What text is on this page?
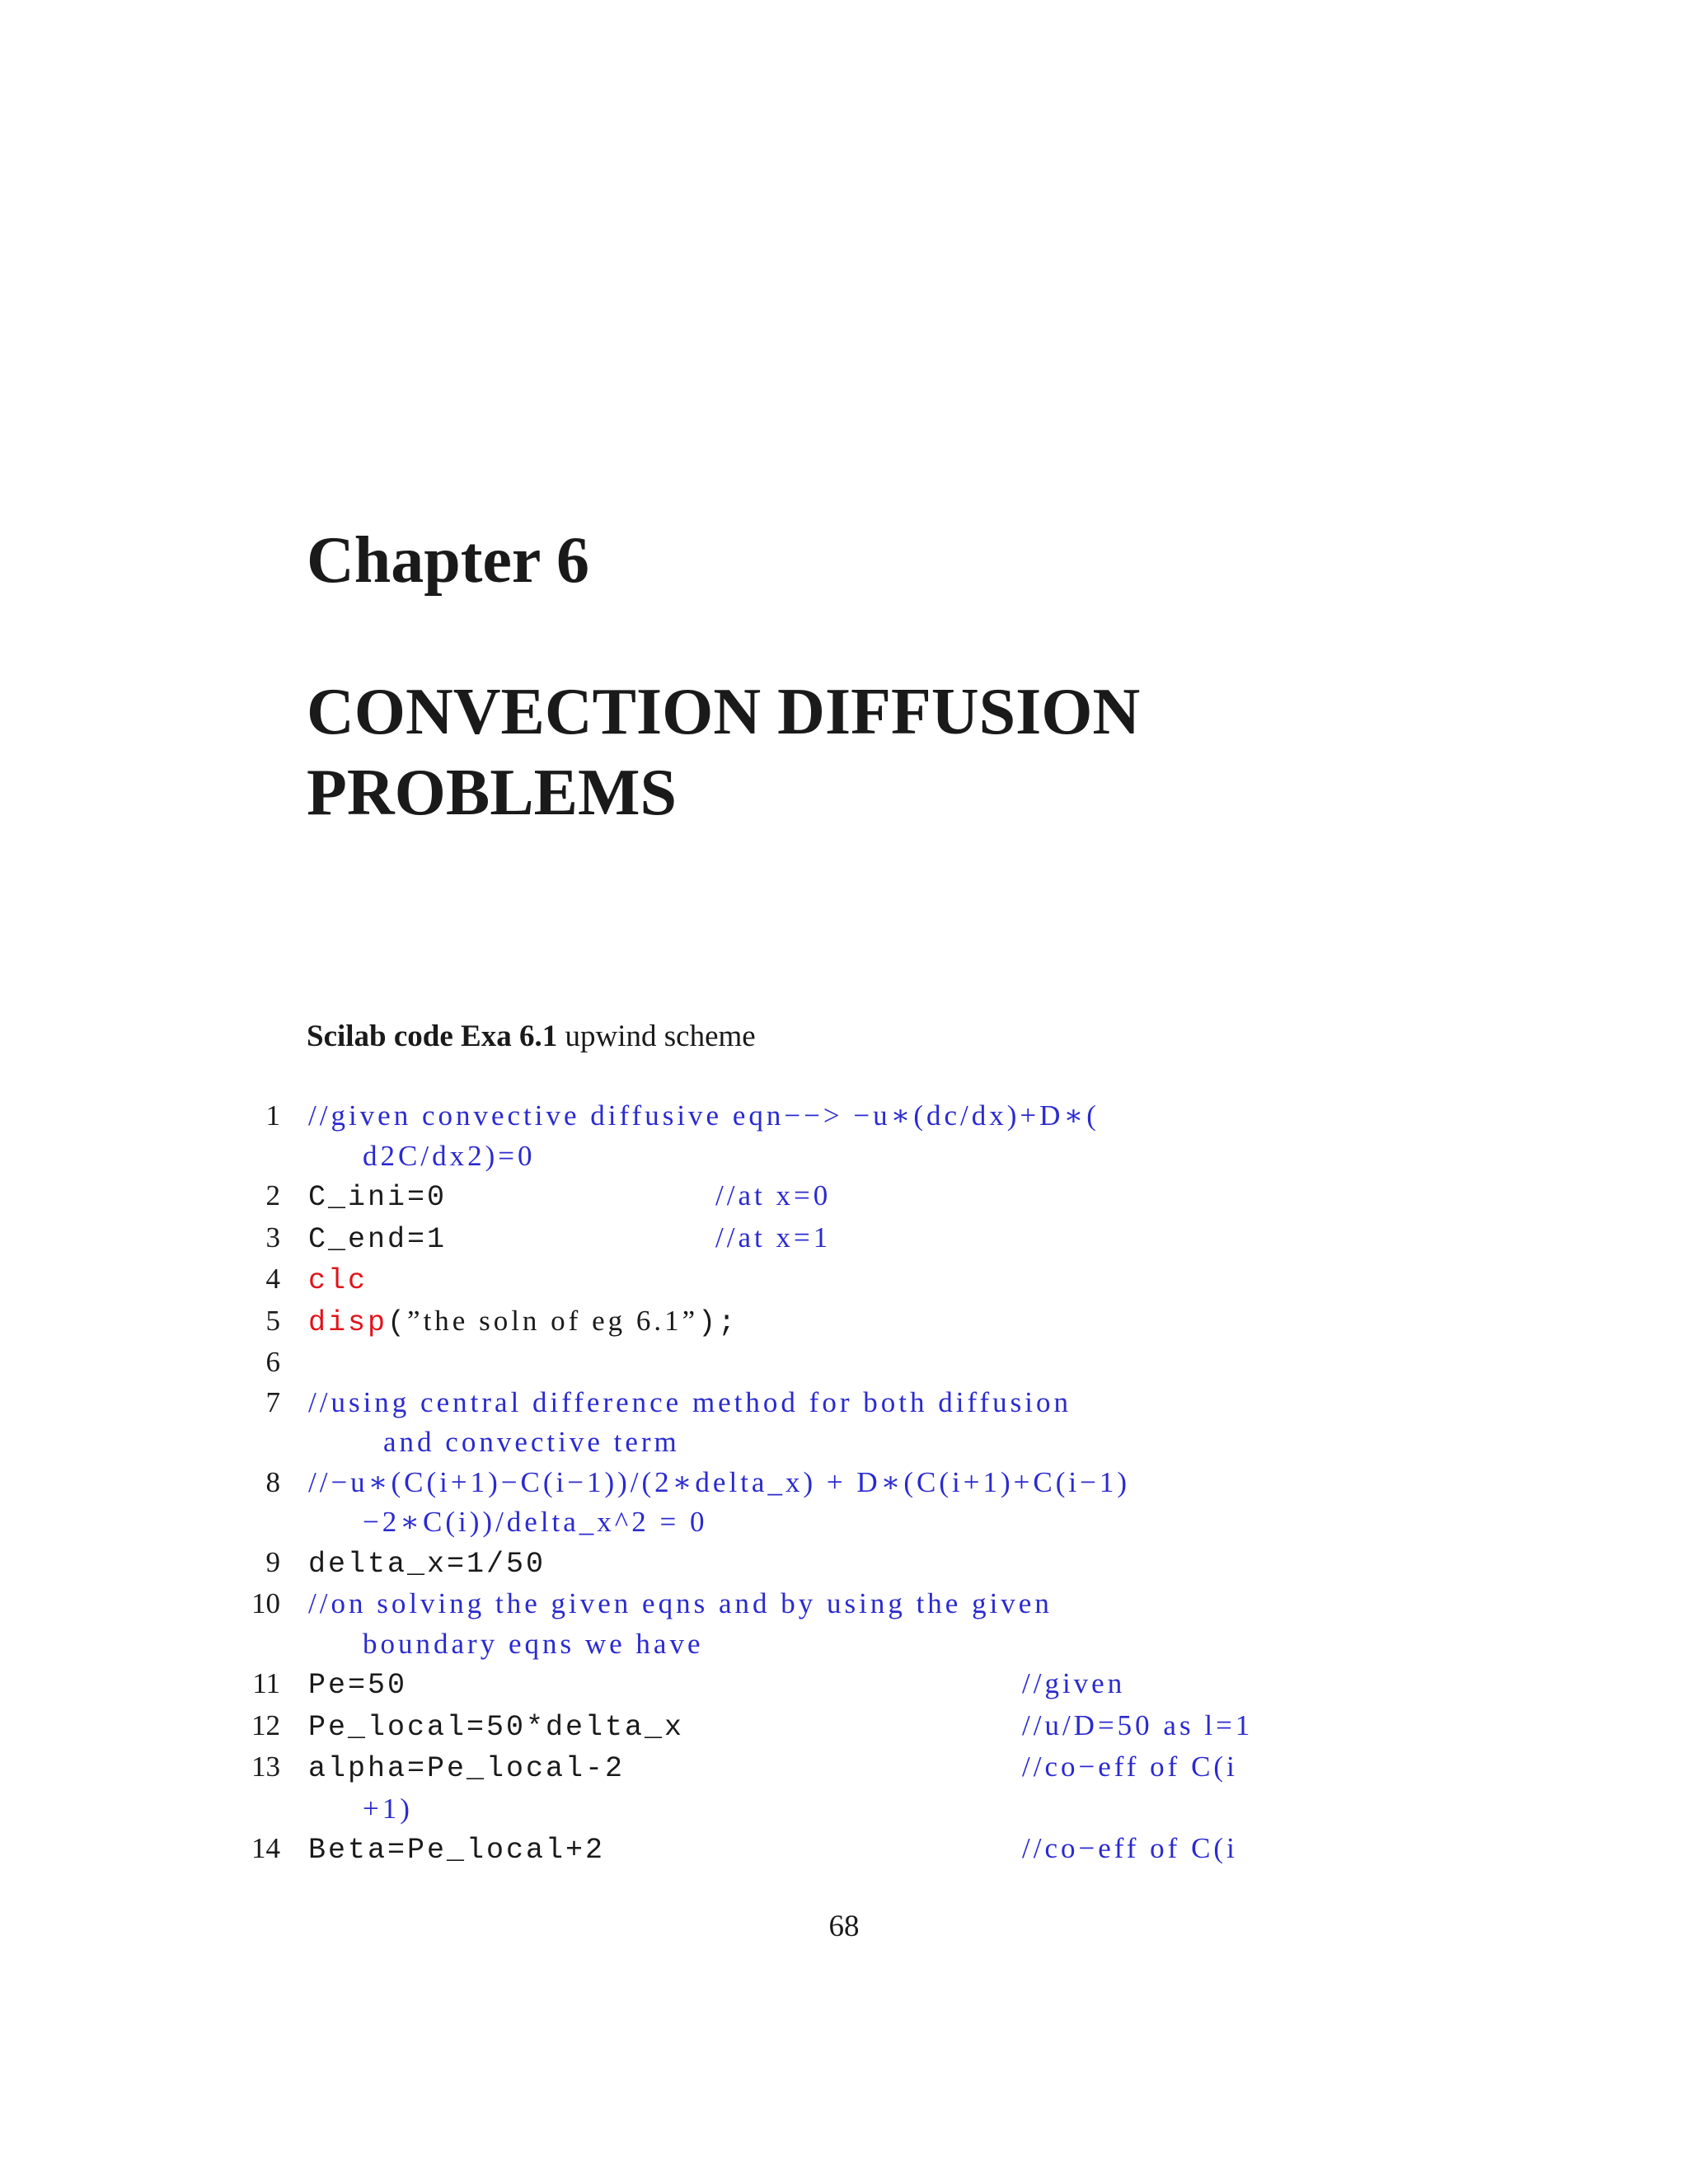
Chapter 6
CONVECTION DIFFUSION
PROBLEMS
Scilab code Exa 6.1 upwind scheme
1 //given convective diffusive eqn−−> −u∗(dc/dx)+D∗(
d2C/dx2)=0
2 C_ini=0	//at x=0
3 C_end=1	//at x=1
4 clc
5 disp(”the soln of eg 6.1”);
6

7 //using central difference method for both diffusion
and convective term
8 //−u∗(C(i+1)−C(i−1))/(2∗delta_x) + D∗(C(i+1)+C(i−1)
−2∗C(i))/delta_x^2 = 0
9 delta_x=1/50
10 //on solving the given eqns and by using the given
boundary eqns we have
11 Pe=50	//given
12 Pe_local=50*delta_x	//u/D=50 as l=1
13 alpha=Pe_local-2	//co−eff of C(i
+1)
14 Beta=Pe_local+2	//co−eff of C(i
68
